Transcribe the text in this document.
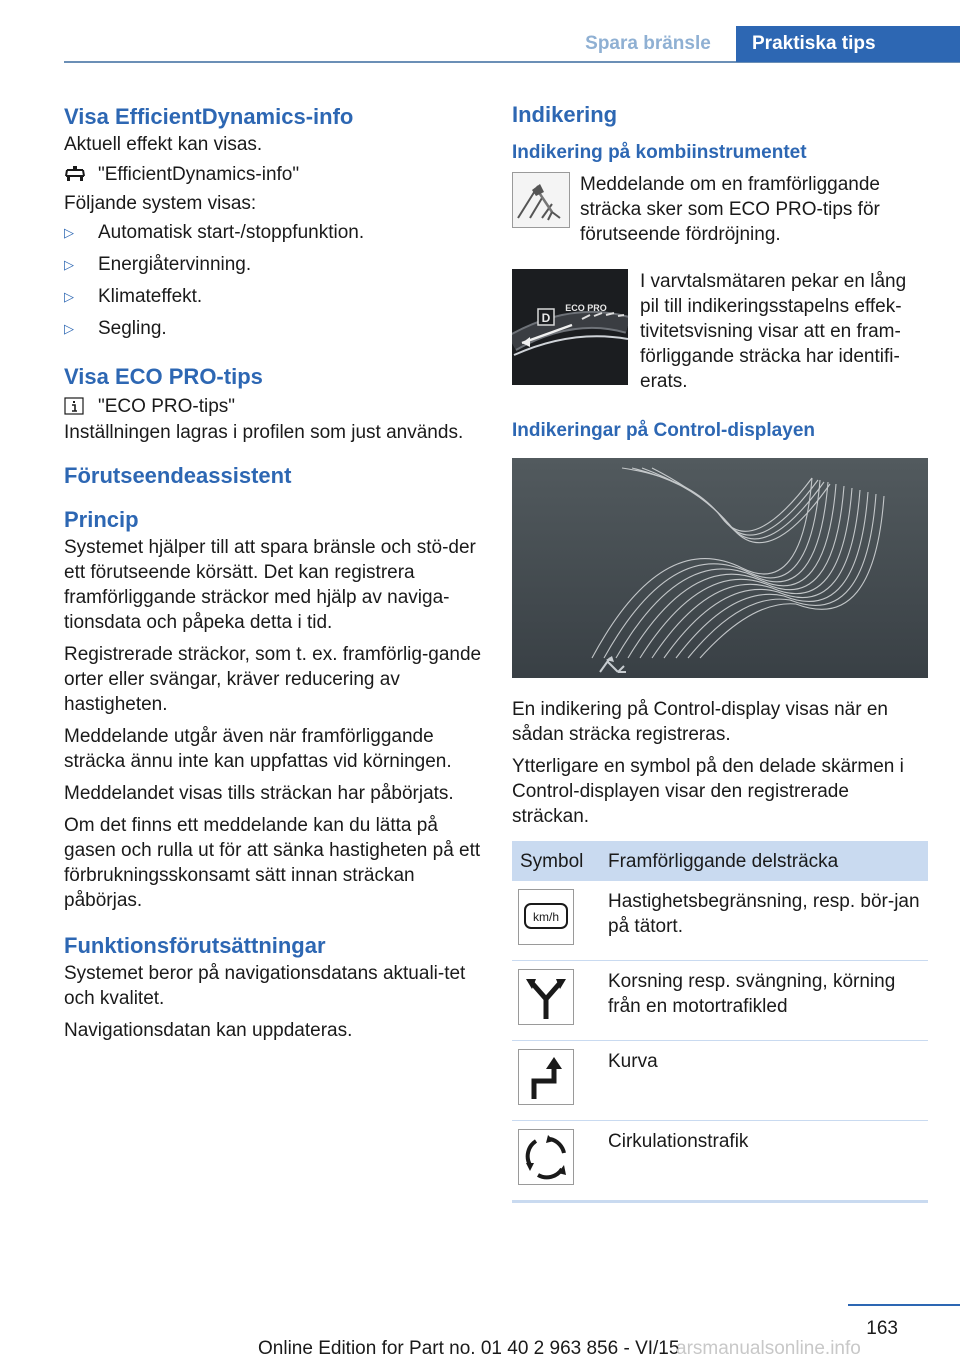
Spara bränsle	Praktiska tips
Visa EfficientDynamics-info

Aktuell effekt kan visas.

"EfficientDynamics-info"

Följande system visas:

▷	Automatisk start-/stoppfunktion.
▷	Energiåtervinning.
▷	Klimateffekt.
▷	Segling.
Visa ECO PRO-tips
"ECO PRO-tips"

Inställningen lagras i profilen som just används.

Förutseendeassistent
Princip

Systemet hjälper till att spara bränsle och stö-der ett förutseende körsätt. Det kan registrera framförliggande sträckor med hjälp av naviga-tionsdata och påpeka detta i tid.

Registrerade sträckor, som t. ex. framförlig-gande orter eller svängar, kräver reducering av hastigheten.

Meddelande utgår även när framförliggande sträcka ännu inte kan uppfattas vid körningen.

Meddelandet visas tills sträckan har påbörjats.

Om det finns ett meddelande kan du lätta på gasen och rulla ut för att sänka hastigheten på ett förbrukningsskonsamt sätt innan sträckan påbörjas.

Funktionsförutsättningar

Systemet beror på navigationsdatans aktuali-tet och kvalitet.

Navigationsdatan kan uppdateras.

Indikering
Indikering på kombiinstrumentet

Meddelande om en framförliggande sträcka sker som ECO PRO-tips för förutseende fördröjning.

D
ECO PRO

I varvtalsmätaren pekar en lång pil till indikeringsstapelns effek-tivitetsvisning visar att en fram-förliggande sträcka har identifi-erats.

Indikeringar på Control-displayen

En indikering på Control-display visas när en sådan sträcka registreras.

Ytterligare en symbol på den delade skärmen i Control-displayen visar den registrerade sträckan.

Symbol	Framförliggande delsträcka

km/h	Hastighetsbegränsning, resp. bör-jan på tätort.
	Korsning resp. svängning, körning från en motortrafikled
	Kurva
	Cirkulationstrafik
163
Online Edition for Part no. 01 40 2 963 856 - VI/15
arsmanualsonline.info
